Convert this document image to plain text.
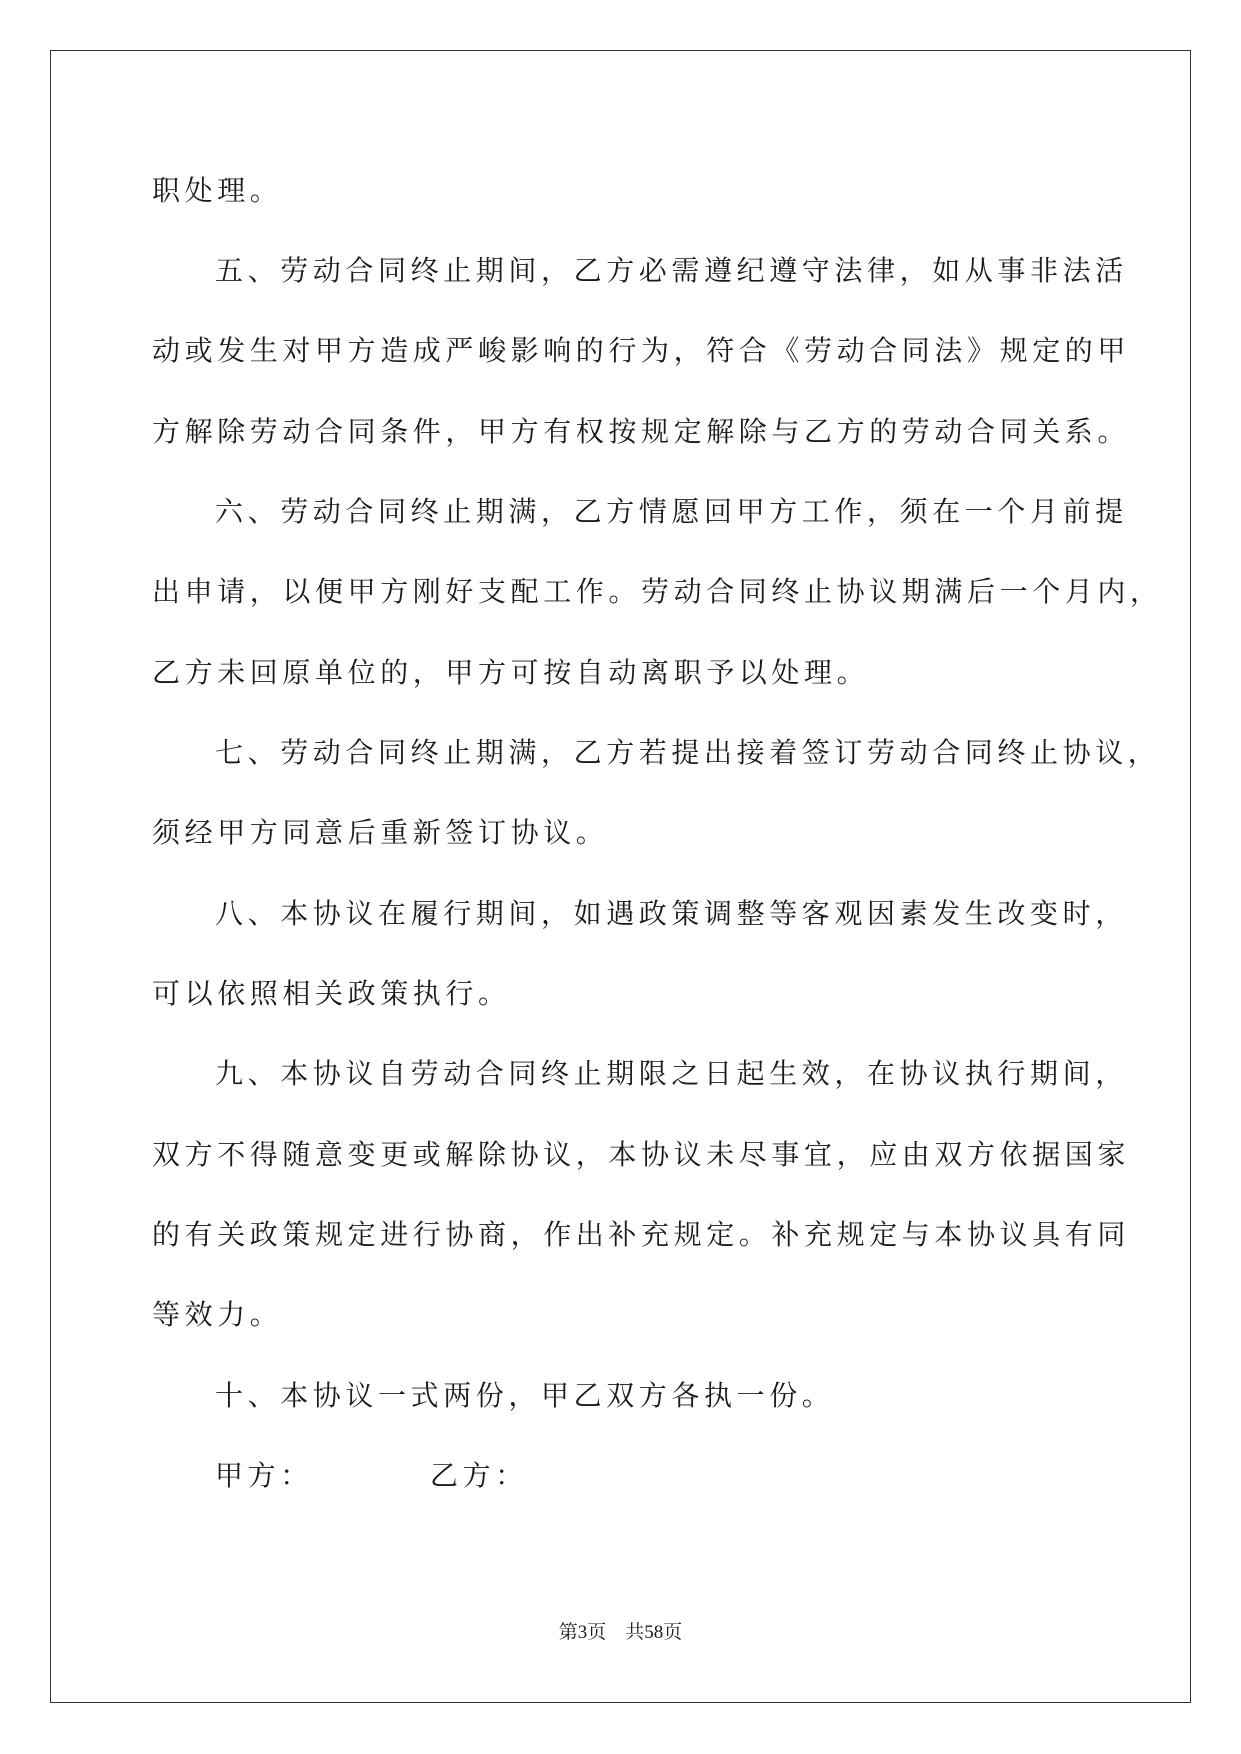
职处理。
五、劳动合同终止期间，乙方必需遵纪遵守法律，如从事非法活
动或发生对甲方造成严峻影响的行为，符合《劳动合同法》规定的甲
方解除劳动合同条件，甲方有权按规定解除与乙方的劳动合同关系。
六、劳动合同终止期满，乙方情愿回甲方工作，须在一个月前提
出申请，以便甲方刚好支配工作。劳动合同终止协议期满后一个月内，
乙方未回原单位的，甲方可按自动离职予以处理。
七、劳动合同终止期满，乙方若提出接着签订劳动合同终止协议，
须经甲方同意后重新签订协议。
八、本协议在履行期间，如遇政策调整等客观因素发生改变时，
可以依照相关政策执行。
九、本协议自劳动合同终止期限之日起生效，在协议执行期间，
双方不得随意变更或解除协议，本协议未尽事宜，应由双方依据国家
的有关政策规定进行协商，作出补充规定。补充规定与本协议具有同
等效力。
十、本协议一式两份，甲乙双方各执一份。
甲方：	乙方：
第3页　共58页
